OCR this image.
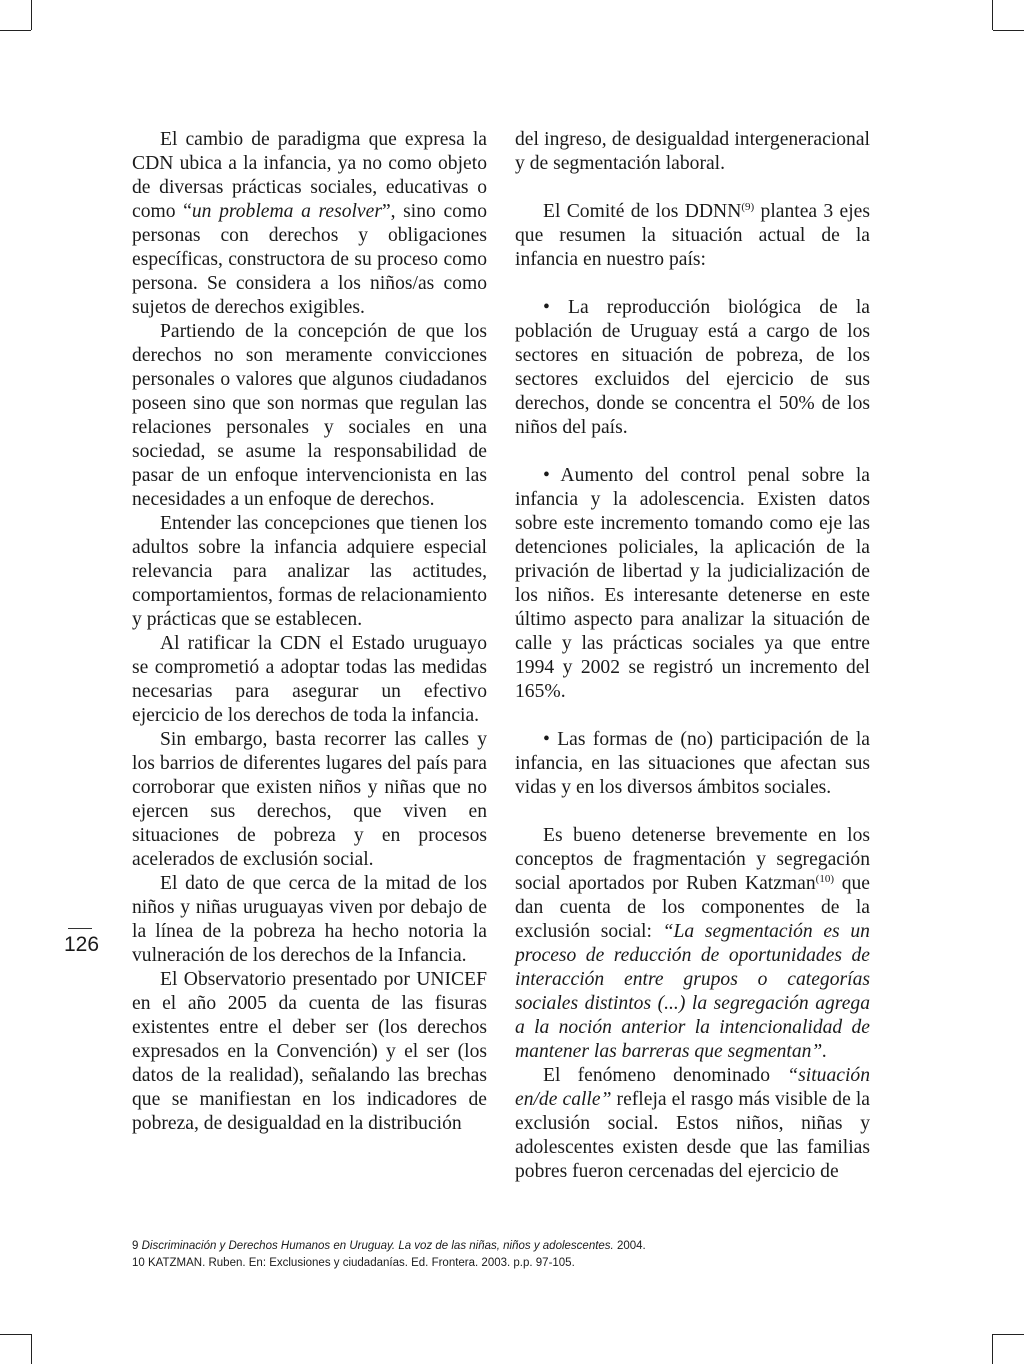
126

El cambio de paradigma que expresa la CDN ubica a la infancia, ya no como objeto de diversas prácticas sociales, educativas o como “un problema a resolver”, sino como personas con derechos y obligaciones específicas, constructora de su proceso como persona. Se considera a los niños/as como sujetos de derechos exigibles.

Partiendo de la concepción de que los derechos no son meramente convicciones personales o valores que algunos ciudadanos poseen sino que son normas que regulan las relaciones personales y sociales en una sociedad, se asume la responsabilidad de pasar de un enfoque intervencionista en las necesidades a un enfoque de derechos.

Entender las concepciones que tienen los adultos sobre la infancia adquiere especial relevancia para analizar las actitudes, comportamientos, formas de relacionamiento y prácticas que se establecen.

Al ratificar la CDN el Estado uruguayo se comprometió a adoptar todas las medidas necesarias para asegurar un efectivo ejercicio de los derechos de toda la infancia.

Sin embargo, basta recorrer las calles y los barrios de diferentes lugares del país para corroborar que existen niños y niñas que no ejercen sus derechos, que viven en situaciones de pobreza y en procesos acelerados de exclusión social.

El dato de que cerca de la mitad de los niños y niñas uruguayas viven por debajo de la línea de la pobreza ha hecho notoria la vulneración de los derechos de la Infancia.

El Observatorio presentado por UNICEF en el año 2005 da cuenta de las fisuras existentes entre el deber ser (los derechos expresados en la Convención) y el ser (los datos de la realidad), señalando las brechas que se manifiestan en los indicadores de pobreza, de desigualdad en la distribución

del ingreso, de desigualdad intergeneracional y de segmentación laboral.

El Comité de los DDNN$^{(9)}$ plantea 3 ejes que resumen la situación actual de la infancia en nuestro país:

• La reproducción biológica de la población de Uruguay está a cargo de los sectores en situación de pobreza, de los sectores excluidos del ejercicio de sus derechos, donde se concentra el 50% de los niños del país.

• Aumento del control penal sobre la infancia y la adolescencia. Existen datos sobre este incremento tomando como eje las detenciones policiales, la aplicación de la privación de libertad y la judicialización de los niños. Es interesante detenerse en este último aspecto para analizar la situación de calle y las prácticas sociales ya que entre 1994 y 2002 se registró un incremento del 165%.

• Las formas de (no) participación de la infancia, en las situaciones que afectan sus vidas y en los diversos ámbitos sociales.

Es bueno detenerse brevemente en los conceptos de fragmentación y segregación social aportados por Ruben Katzman$^{(10)}$ que dan cuenta de los componentes de la exclusión social: “La segmentación es un proceso de reducción de oportunidades de interacción entre grupos o categorías sociales distintos (...) la segregación agrega a la noción anterior la intencionalidad de mantener las barreras que segmentan”.

El fenómeno denominado “situación en/de calle” refleja el rasgo más visible de la exclusión social. Estos niños, niñas y adolescentes existen desde que las familias pobres fueron cercenadas del ejercicio de

9 Discriminación y Derechos Humanos en Uruguay. La voz de las niñas, niños y adolescentes. 2004.
10 KATZMAN. Ruben. En: Exclusiones y ciudadanías. Ed. Frontera. 2003. p.p. 97-105.
